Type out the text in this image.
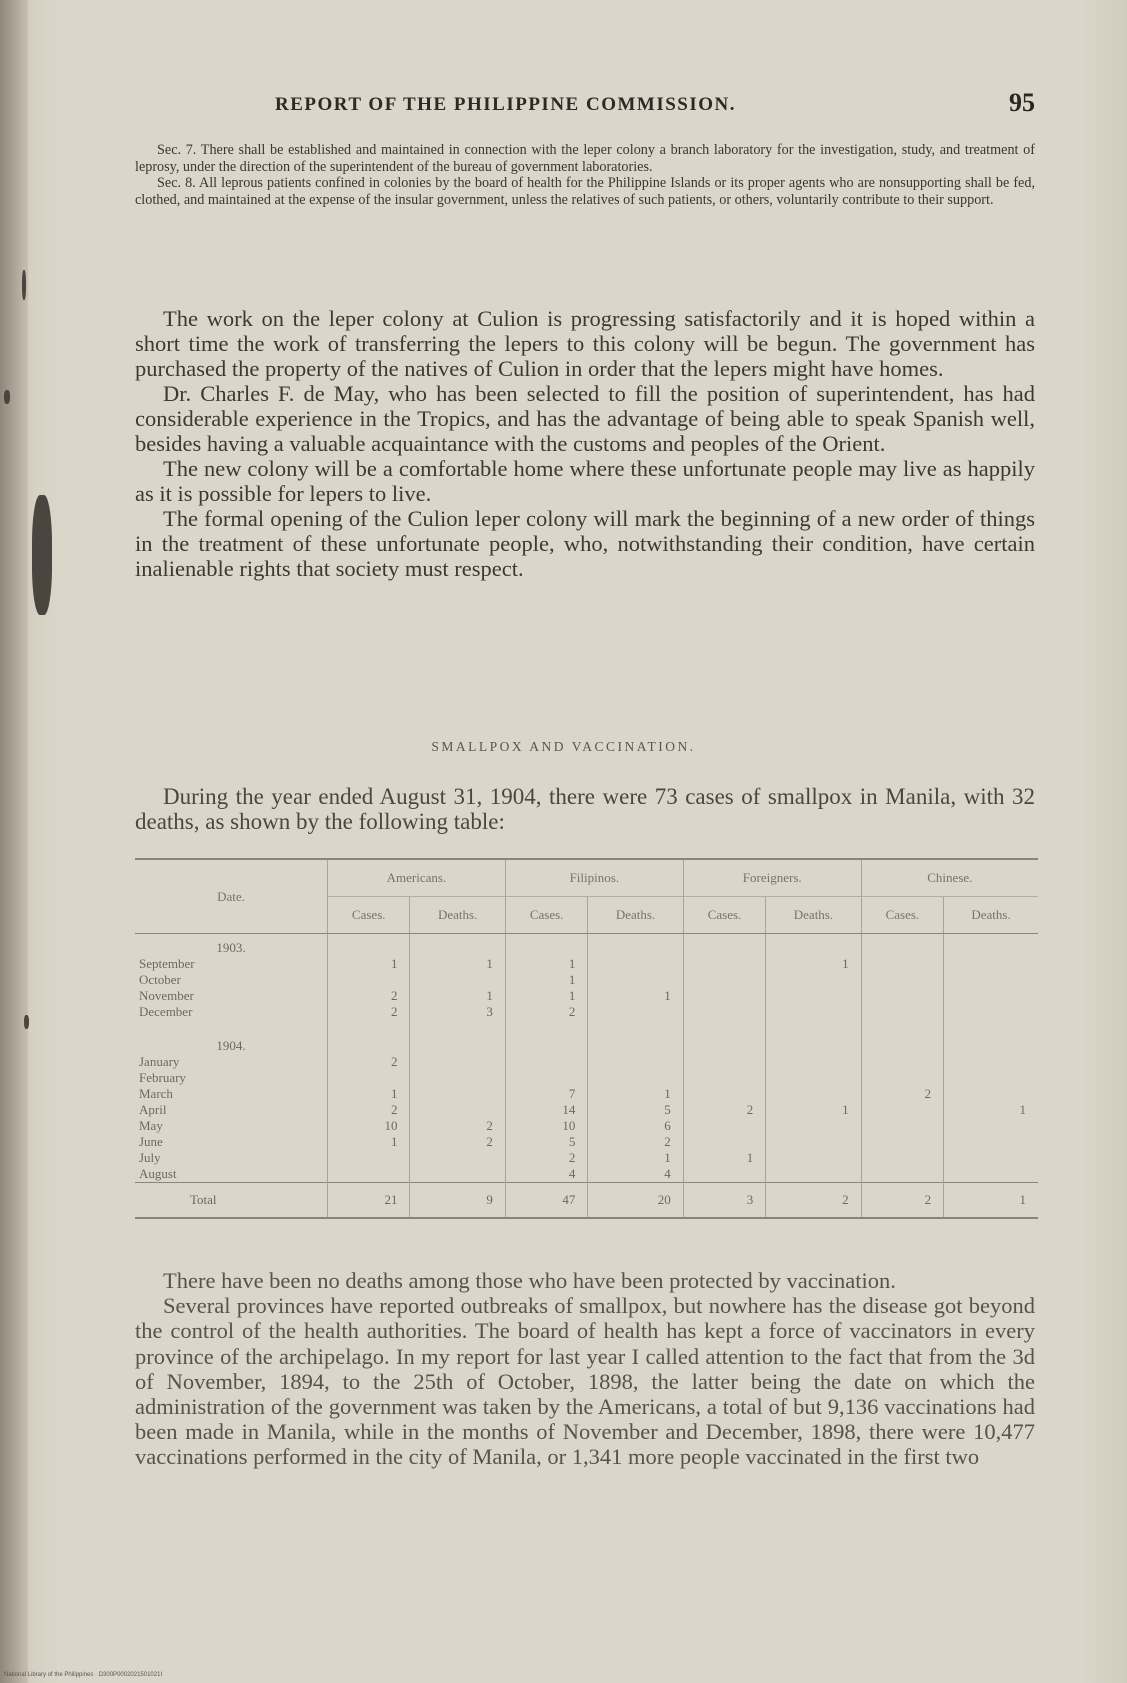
REPORT OF THE PHILIPPINE COMMISSION.	95

Sec. 7. There shall be established and maintained in connection with the leper colony a branch laboratory for the investigation, study, and treatment of leprosy, under the direction of the superintendent of the bureau of government laboratories.

Sec. 8. All leprous patients confined in colonies by the board of health for the Philippine Islands or its proper agents who are nonsupporting shall be fed, clothed, and maintained at the expense of the insular government, unless the relatives of such patients, or others, voluntarily contribute to their support.

The work on the leper colony at Culion is progressing satisfactorily and it is hoped within a short time the work of transferring the lepers to this colony will be begun. The government has purchased the property of the natives of Culion in order that the lepers might have homes.

Dr. Charles F. de May, who has been selected to fill the position of superintendent, has had considerable experience in the Tropics, and has the advantage of being able to speak Spanish well, besides having a valuable acquaintance with the customs and peoples of the Orient.

The new colony will be a comfortable home where these unfortunate people may live as happily as it is possible for lepers to live.

The formal opening of the Culion leper colony will mark the beginning of a new order of things in the treatment of these unfortunate people, who, notwithstanding their condition, have certain inalienable rights that society must respect.

SMALLPOX AND VACCINATION.
During the year ended August 31, 1904, there were 73 cases of smallpox in Manila, with 32 deaths, as shown by the following table:
Date.	Americans.		Filipinos.		Foreigners.		Chinese.	
	Cases.	Deaths.	Cases.	Deaths.	Cases.	Deaths.	Cases.	Deaths.
1903.								
September	1	1	1			1		
October			1					
November	2	1	1	1				
December	2	3	2					

1904.								
January	2							
February								
March	1		7	1			2	
April	2		14	5	2	1		1
May	10	2	10	6				
June	1	2	5	2				
July			2	1	1			
August			4	4				
Total	21	9	47	20	3	2	2	1

There have been no deaths among those who have been protected by vaccination.

Several provinces have reported outbreaks of smallpox, but nowhere has the disease got beyond the control of the health authorities. The board of health has kept a force of vaccinators in every province of the archipelago. In my report for last year I called attention to the fact that from the 3d of November, 1894, to the 25th of October, 1898, the latter being the date on which the administration of the government was taken by the Americans, a total of but 9,136 vaccinations had been made in Manila, while in the months of November and December, 1898, there were 10,477 vaccinations performed in the city of Manila, or 1,341 more people vaccinated in the first two

National Library of the Philippines · D300P0002021501021I
